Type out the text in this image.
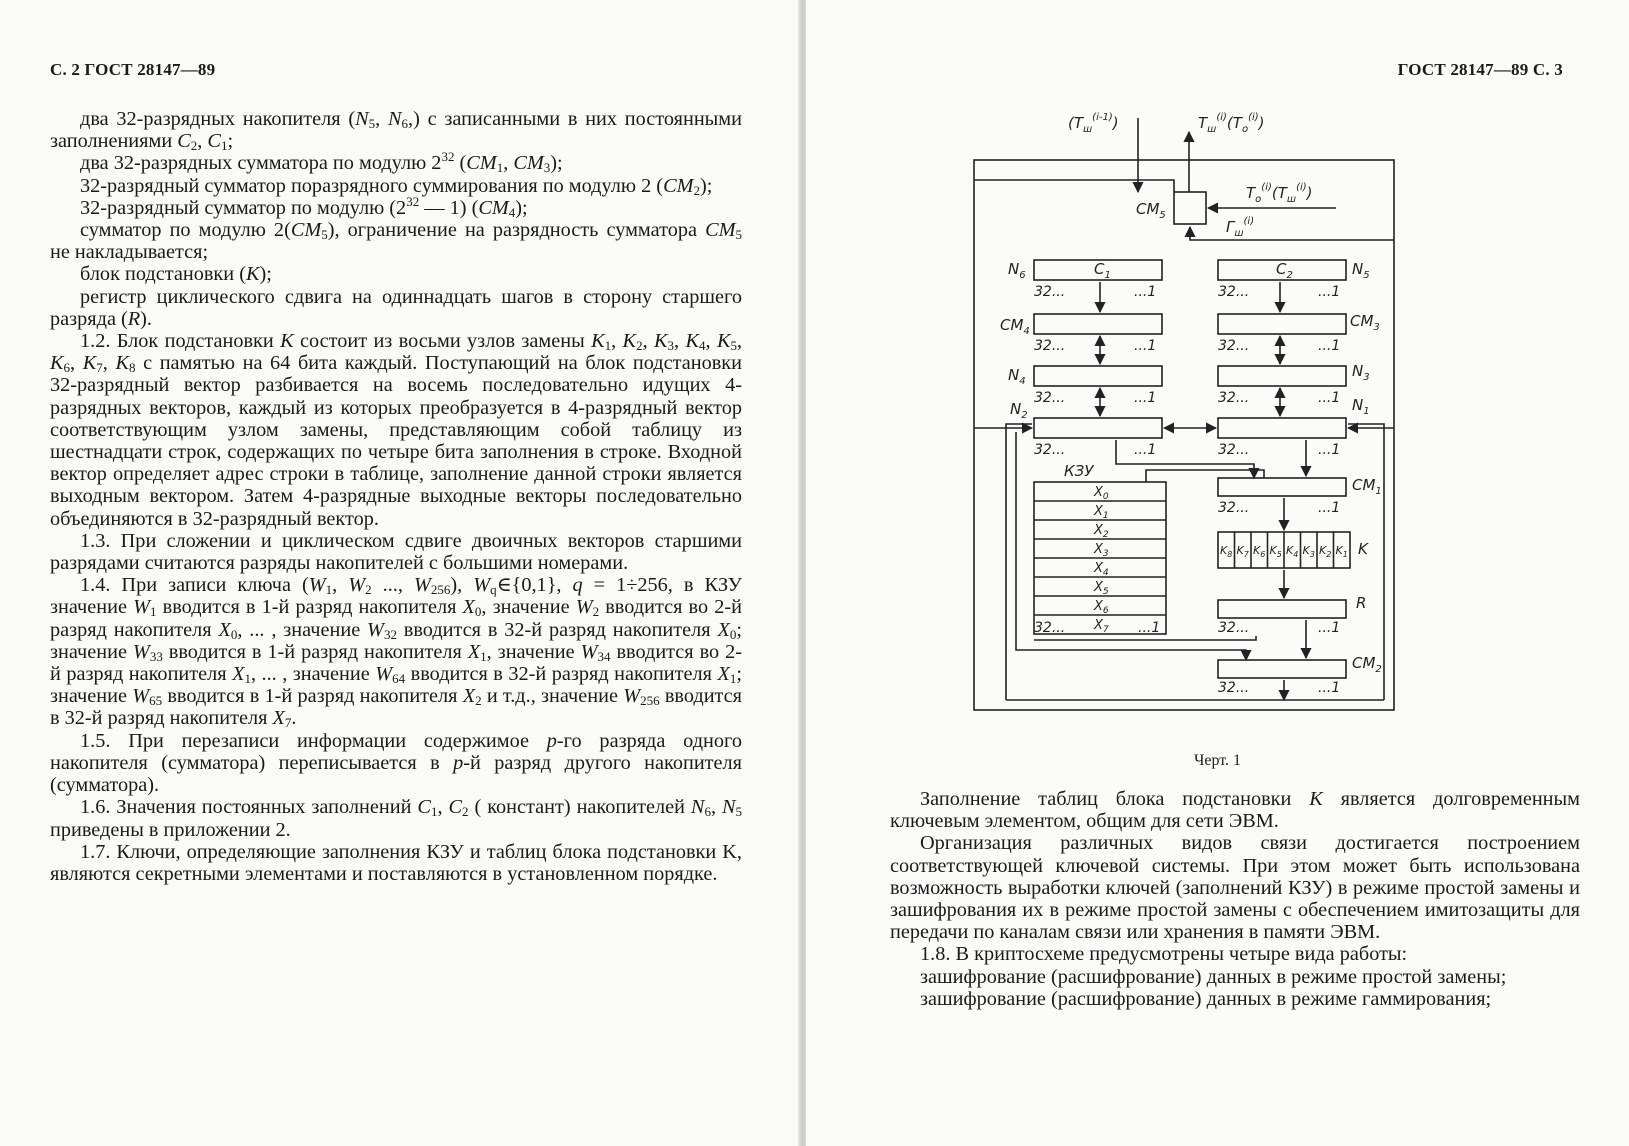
С. 2 ГОСТ 28147—89

два 32-разрядных накопителя ($N_5$, $N_6$,) с записанными в них постоянными заполнениями $C_2$, $C_1$;

два 32-разрядных сумматора по модулю $2^{32}$ ($CM_1$, $CM_3$);

32-разрядный сумматор поразрядного суммирования по модулю 2 $(CM_2)$;

32-разрядный сумматор по модулю ($2^{32}$ — 1) $(CM_4)$;

сумматор по модулю $2(CM_5)$, ограничение на разрядность сумматора $CM_5$ не накладывается;

блок подстановки (K);

регистр циклического сдвига на одиннадцать шагов в сторону старшего разряда (R).

1.2. Блок подстановки K состоит из восьми узлов замены $K_1$, $K_2$, $K_3$, $K_4$, $K_5$, $K_6$, $K_7$, $K_8$ с памятью на 64 бита каждый. Поступающий на блок подстановки 32-разрядный вектор разбивается на восемь последовательно идущих 4-разрядных векторов, каждый из которых преобразуется в 4-разрядный вектор соответствующим узлом замены, представляющим собой таблицу из шестнадцати строк, содержащих по четыре бита заполнения в строке. Входной вектор определяет адрес строки в таблице, заполнение данной строки является выходным вектором. Затем 4-разрядные выходные векторы последовательно объединяются в 32-разрядный вектор.

1.3. При сложении и циклическом сдвиге двоичных векторов старшими разрядами считаются разряды накопителей с большими номерами.

1.4. При записи ключа ($W_1$, $W_2$ ..., $W_{256}$), $W_q\in\{0,1\}$, q = 1÷256, в КЗУ значение $W_1$ вводится в 1-й разряд накопителя $X_0$, значение $W_2$ вводится во 2-й разряд накопителя $X_0$, ... , значение $W_{32}$ вводится в 32-й разряд накопителя $X_0$; значение $W_{33}$ вводится в 1-й разряд накопителя $X_1$, значение $W_{34}$ вводится во 2-й разряд накопителя $X_1$, ... , значение $W_{64}$ вводится в 32-й разряд накопителя $X_1$; значение $W_{65}$ вводится в 1-й разряд накопителя $X_2$ и т.д., значение $W_{256}$ вводится в 32-й разряд накопителя $X_7$.

1.5. При перезаписи информации содержимое p-го разряда одного накопителя (сумматора) переписывается в p-й разряд другого накопителя (сумматора).

1.6. Значения постоянных заполнений $C_1$, $C_2$ ( констант) накопителей $N_6$, $N_5$ приведены в приложении 2.

1.7. Ключи, определяющие заполнения КЗУ и таблиц блока подстановки K, являются секретными элементами и поставляются в установленном порядке.

ГОСТ 28147—89 С. 3
$(T_ш^{(i-1)})$	$T_ш^{(i)}(T_o^{(i)})$
$T_o^{(i)}(T_ш^{(i)})$
$Г_ш^{(i)}$
$CM_5$
$N_6$	$C_1$	$C_2$	$N_5$
$CM_4$
$CM_3$
$N_4$
$N_3$
$N_2$
$N_1$
КЗУ
$CM_1$
K
R
$CM_2$
32...	...1	32...	...1
32...	...1	32...	...1
32...	...1	32...	...1
32...	...1	32...	...1
32...	...1
32...	...1	32...	...1
32...	...1
$X_0$
$X_1$
$X_2$
$X_3$
$X_4$
$X_5$
$X_6$
$X_7$
$K_8$ $K_7$ $K_6$ $K_5$ $K_4$ $K_3$ $K_2$ $K_1$
Черт. 1

Заполнение таблиц блока подстановки K является долговременным ключевым элементом, общим для сети ЭВМ.

Организация различных видов связи достигается построением соответствующей ключевой системы. При этом может быть использована возможность выработки ключей (заполнений КЗУ) в режиме простой замены и зашифрования их в режиме простой замены с обеспечением имитозащиты для передачи по каналам связи или хранения в памяти ЭВМ.

1.8. В криптосхеме предусмотрены четыре вида работы:

зашифрование (расшифрование) данных в режиме простой замены;

зашифрование (расшифрование) данных в режиме гаммирования;
